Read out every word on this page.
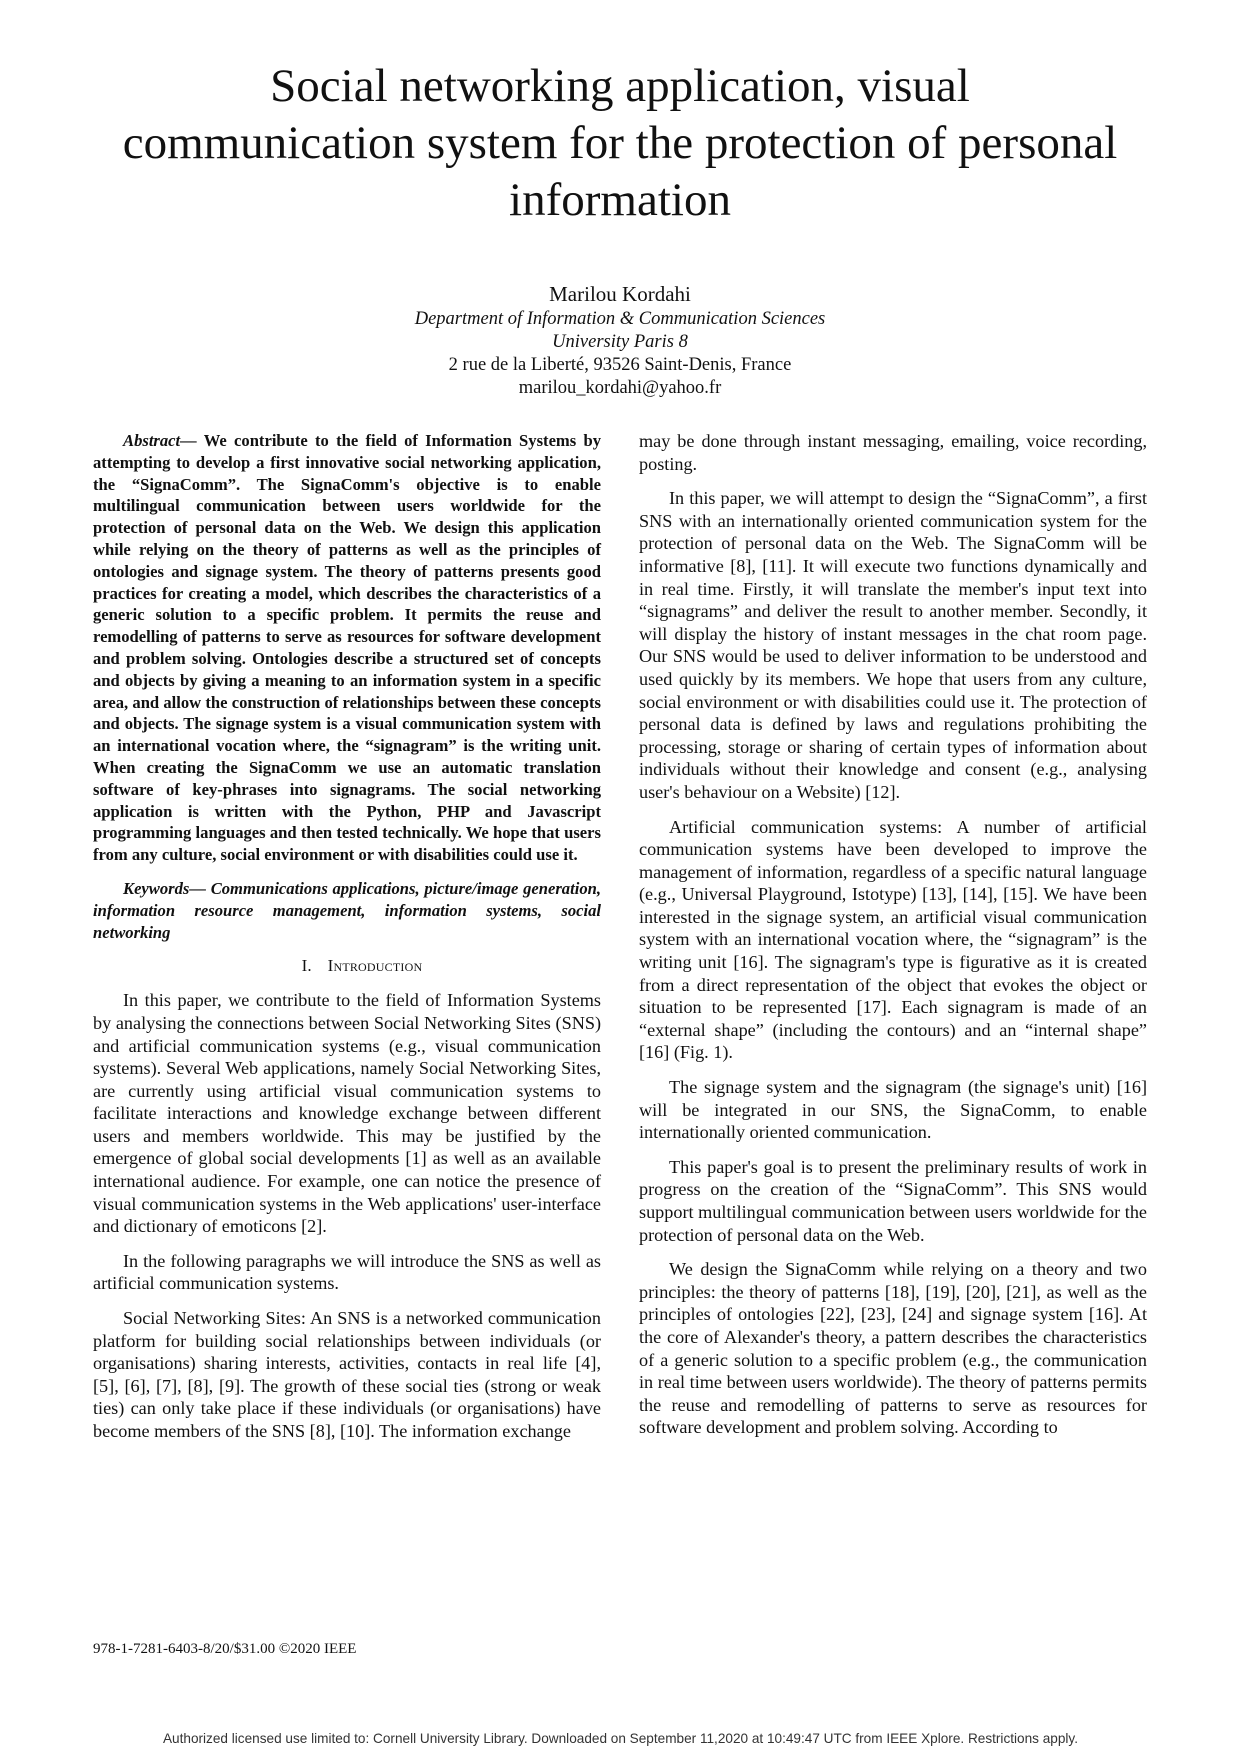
Social networking application, visual communication system for the protection of personal information
Marilou Kordahi
Department of Information & Communication Sciences
University Paris 8
2 rue de la Liberté, 93526 Saint-Denis, France
marilou_kordahi@yahoo.fr

Abstract— We contribute to the field of Information Systems by attempting to develop a first innovative social networking application, the “SignaComm”. The SignaComm's objective is to enable multilingual communication between users worldwide for the protection of personal data on the Web. We design this application while relying on the theory of patterns as well as the principles of ontologies and signage system. The theory of patterns presents good practices for creating a model, which describes the characteristics of a generic solution to a specific problem. It permits the reuse and remodelling of patterns to serve as resources for software development and problem solving. Ontologies describe a structured set of concepts and objects by giving a meaning to an information system in a specific area, and allow the construction of relationships between these concepts and objects. The signage system is a visual communication system with an international vocation where, the “signagram” is the writing unit. When creating the SignaComm we use an automatic translation software of key-phrases into signagrams. The social networking application is written with the Python, PHP and Javascript programming languages and then tested technically. We hope that users from any culture, social environment or with disabilities could use it.

Keywords— Communications applications, picture/image generation, information resource management, information systems, social networking

I. Introduction

In this paper, we contribute to the field of Information Systems by analysing the connections between Social Networking Sites (SNS) and artificial communication systems (e.g., visual communication systems). Several Web applications, namely Social Networking Sites, are currently using artificial visual communication systems to facilitate interactions and knowledge exchange between different users and members worldwide. This may be justified by the emergence of global social developments [1] as well as an available international audience. For example, one can notice the presence of visual communication systems in the Web applications' user-interface and dictionary of emoticons [2].

In the following paragraphs we will introduce the SNS as well as artificial communication systems.

Social Networking Sites: An SNS is a networked communication platform for building social relationships between individuals (or organisations) sharing interests, activities, contacts in real life [4], [5], [6], [7], [8], [9]. The growth of these social ties (strong or weak ties) can only take place if these individuals (or organisations) have become members of the SNS [8], [10]. The information exchange

may be done through instant messaging, emailing, voice recording, posting.

In this paper, we will attempt to design the “SignaComm”, a first SNS with an internationally oriented communication system for the protection of personal data on the Web. The SignaComm will be informative [8], [11]. It will execute two functions dynamically and in real time. Firstly, it will translate the member's input text into “signagrams” and deliver the result to another member. Secondly, it will display the history of instant messages in the chat room page. Our SNS would be used to deliver information to be understood and used quickly by its members. We hope that users from any culture, social environment or with disabilities could use it. The protection of personal data is defined by laws and regulations prohibiting the processing, storage or sharing of certain types of information about individuals without their knowledge and consent (e.g., analysing user's behaviour on a Website) [12].

Artificial communication systems: A number of artificial communication systems have been developed to improve the management of information, regardless of a specific natural language (e.g., Universal Playground, Istotype) [13], [14], [15]. We have been interested in the signage system, an artificial visual communication system with an international vocation where, the “signagram” is the writing unit [16]. The signagram's type is figurative as it is created from a direct representation of the object that evokes the object or situation to be represented [17]. Each signagram is made of an “external shape” (including the contours) and an “internal shape” [16] (Fig. 1).

The signage system and the signagram (the signage's unit) [16] will be integrated in our SNS, the SignaComm, to enable internationally oriented communication.

This paper's goal is to present the preliminary results of work in progress on the creation of the “SignaComm”. This SNS would support multilingual communication between users worldwide for the protection of personal data on the Web.

We design the SignaComm while relying on a theory and two principles: the theory of patterns [18], [19], [20], [21], as well as the principles of ontologies [22], [23], [24] and signage system [16]. At the core of Alexander's theory, a pattern describes the characteristics of a generic solution to a specific problem (e.g., the communication in real time between users worldwide). The theory of patterns permits the reuse and remodelling of patterns to serve as resources for software development and problem solving. According to

978-1-7281-6403-8/20/$31.00 ©2020 IEEE
Authorized licensed use limited to: Cornell University Library. Downloaded on September 11,2020 at 10:49:47 UTC from IEEE Xplore. Restrictions apply.
